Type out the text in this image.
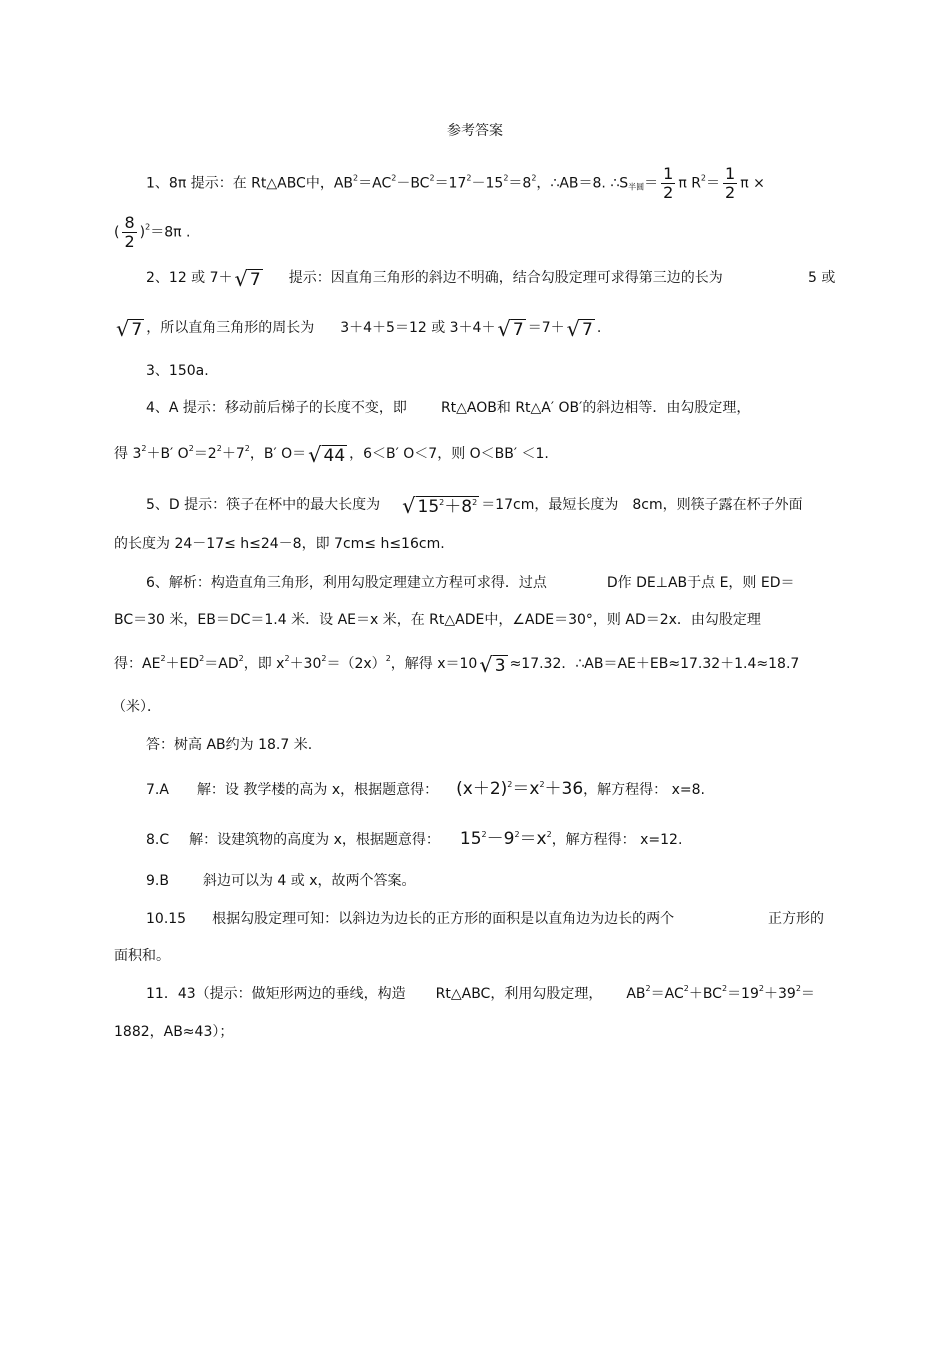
参考答案
1、8π 提示：在 Rt△ABC中，$AB^2=AC^2-BC^2=17^2-15^2=8^2$，∴AB＝8. $\therefore S_{半圆}= \frac{1}{2}$ π $R^2= \frac{1}{2}$ π ×
( $\frac{8}{2} )^2=8\pi$ .
2、12 或 7＋ √ 7 提示：因直角三角形的斜边不明确，结合勾股定理可求得第三边的长为	5 或
√ 7 ，所以直角三角形的周长为 3＋4＋5＝12 或 3＋4＋ √ 7 ＝7＋ √ 7 .
3、150a.
4、A 提示：移动前后梯子的长度不变，即 Rt△AOB和 Rt△A′ OB′的斜边相等．由勾股定理，
得 $3^2+B'$ $O^2=2^2+7^2$，B′ O＝ √ 44 ，6＜B′ O＜7，则 O＜BB′ ＜1.
5、D 提示：筷子在杯中的最大长度为 √ $15^2+8^2 =17cm$，最短长度为 8cm，则筷子露在杯子外面
的长度为 24－17≤ h≤24－8，即 7cm≤ h≤16cm.
6、解析：构造直角三角形，利用勾股定理建立方程可求得．过点	D作 DE⊥AB于点 E，则 ED＝
BC＝30 米，EB＝DC＝1.4 米．设 AE＝x 米，在 Rt△ADE中，∠ADE＝30°，则 AD＝2x．由勾股定理
得：$AE^2+ED^2=AD^2$，即 $x^2+30^2=(2x)^2$，解得 x＝10 √ 3 ≈17.32．∴AB＝AE＋EB≈17.32＋1.4≈18.7
（米）．
答：树高 AB约为 18.7 米.
7.A 解：设 教学楼的高为 x，根据题意得： $(x+2)^2=x^2+36$，解方程得： x=8.
8.C 解：设建筑物的高度为 x，根据题意得： $15^2-9^2=x^2$，解方程得： x=12.
9.B 斜边可以为 4 或 x，故两个答案。
10.15 根据勾股定理可知：以斜边为边长的正方形的面积是以直角边为边长的两个	正方形的
面积和。
11．43（提示：做矩形两边的垂线，构造 Rt△ABC，利用勾股定理， $AB^2=AC^2+BC^2=19^2+39^2=$
1882，AB≈43）；
